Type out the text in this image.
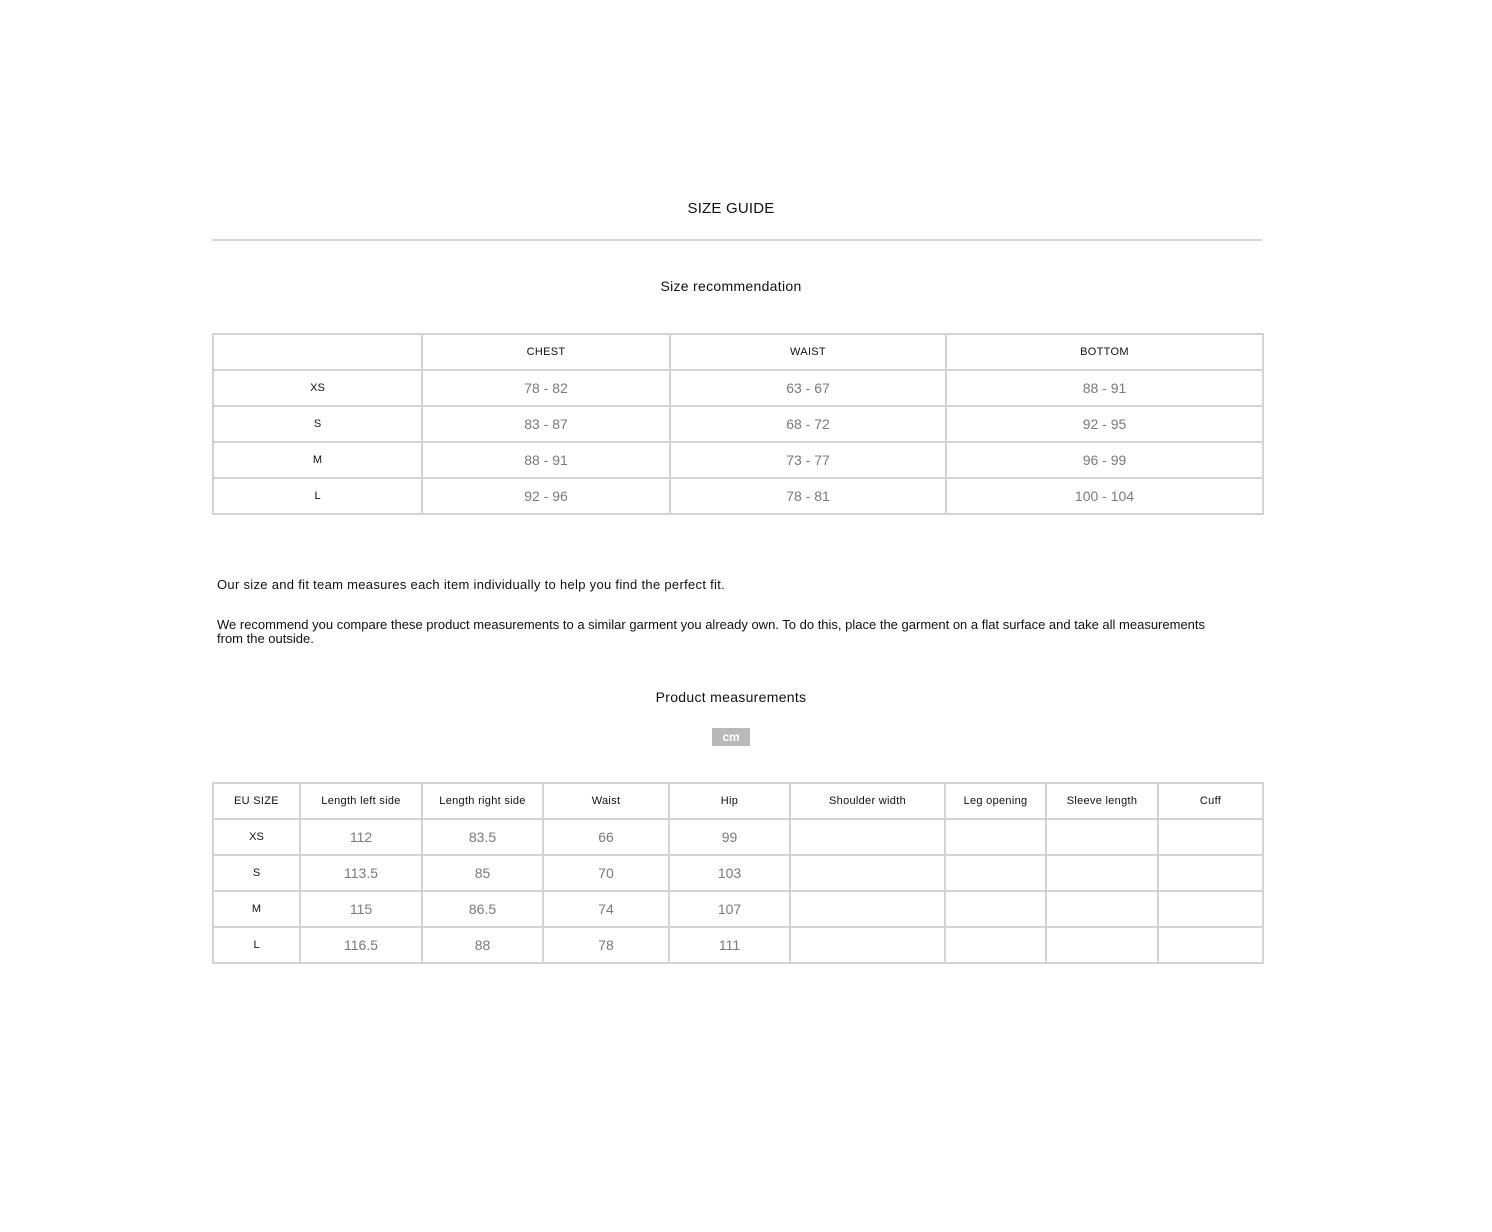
SIZE GUIDE
Size recommendation
	CHEST	WAIST	BOTTOM
XS	78 - 82	63 - 67	88 - 91
S	83 - 87	68 - 72	92 - 95
M	88 - 91	73 - 77	96 - 99
L	92 - 96	78 - 81	100 - 104
Our size and fit team measures each item individually to help you find the perfect fit.
We recommend you compare these product measurements to a similar garment you already own. To do this, place the garment on a flat surface and take all measurements from the outside.
Product measurements
cm
EU SIZE	Length left side	Length right side	Waist	Hip	Shoulder width	Leg opening	Sleeve length	Cuff
XS	112	83.5	66	99				
S	113.5	85	70	103				
M	115	86.5	74	107				
L	116.5	88	78	111				
